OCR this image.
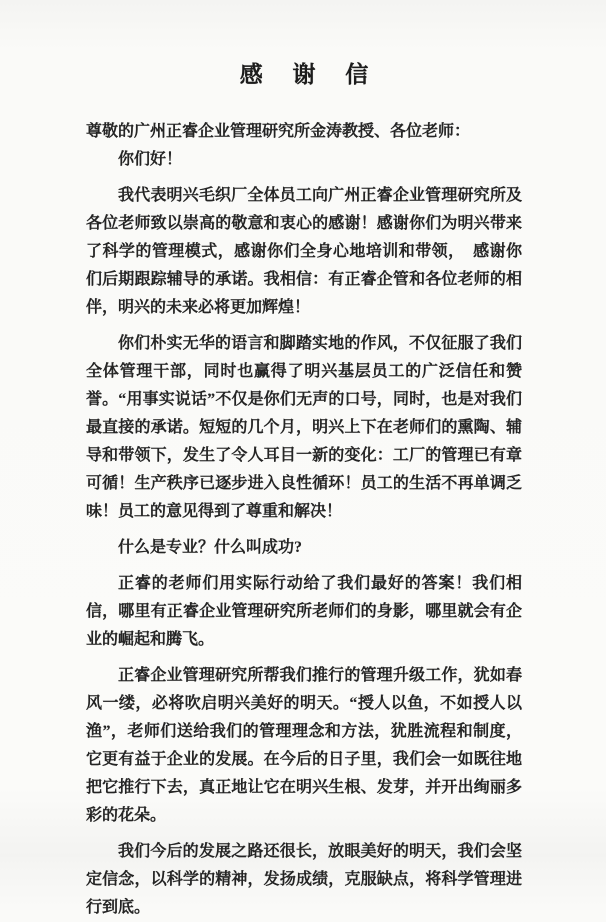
感 谢 信

尊敬的广州正睿企业管理研究所金涛教授、各位老师：

你们好！

我代表明兴毛织厂全体员工向广州正睿企业管理研究所及各位老师致以崇高的敬意和衷心的感谢！感谢你们为明兴带来了科学的管理模式，感谢你们全身心地培训和带领，　感谢你们后期跟踪辅导的承诺。我相信：有正睿企管和各位老师的相伴，明兴的未来必将更加辉煌！

你们朴实无华的语言和脚踏实地的作风，不仅征服了我们全体管理干部，同时也赢得了明兴基层员工的广泛信任和赞誉。“用事实说话”不仅是你们无声的口号，同时，也是对我们最直接的承诺。短短的几个月，明兴上下在老师们的熏陶、辅导和带领下，发生了令人耳目一新的变化：工厂的管理已有章可循！生产秩序已逐步进入良性循环！员工的生活不再单调乏味！员工的意见得到了尊重和解决！

什么是专业？什么叫成功?

正睿的老师们用实际行动给了我们最好的答案！我们相信，哪里有正睿企业管理研究所老师们的身影，哪里就会有企业的崛起和腾飞。

正睿企业管理研究所帮我们推行的管理升级工作，犹如春风一缕，必将吹启明兴美好的明天。“授人以鱼，不如授人以渔”，老师们送给我们的管理理念和方法，犹胜流程和制度，它更有益于企业的发展。在今后的日子里，我们会一如既往地把它推行下去，真正地让它在明兴生根、发芽，并开出绚丽多彩的花朵。

我们今后的发展之路还很长，放眼美好的明天，我们会坚定信念，以科学的精神，发扬成绩，克服缺点，将科学管理进行到底。
